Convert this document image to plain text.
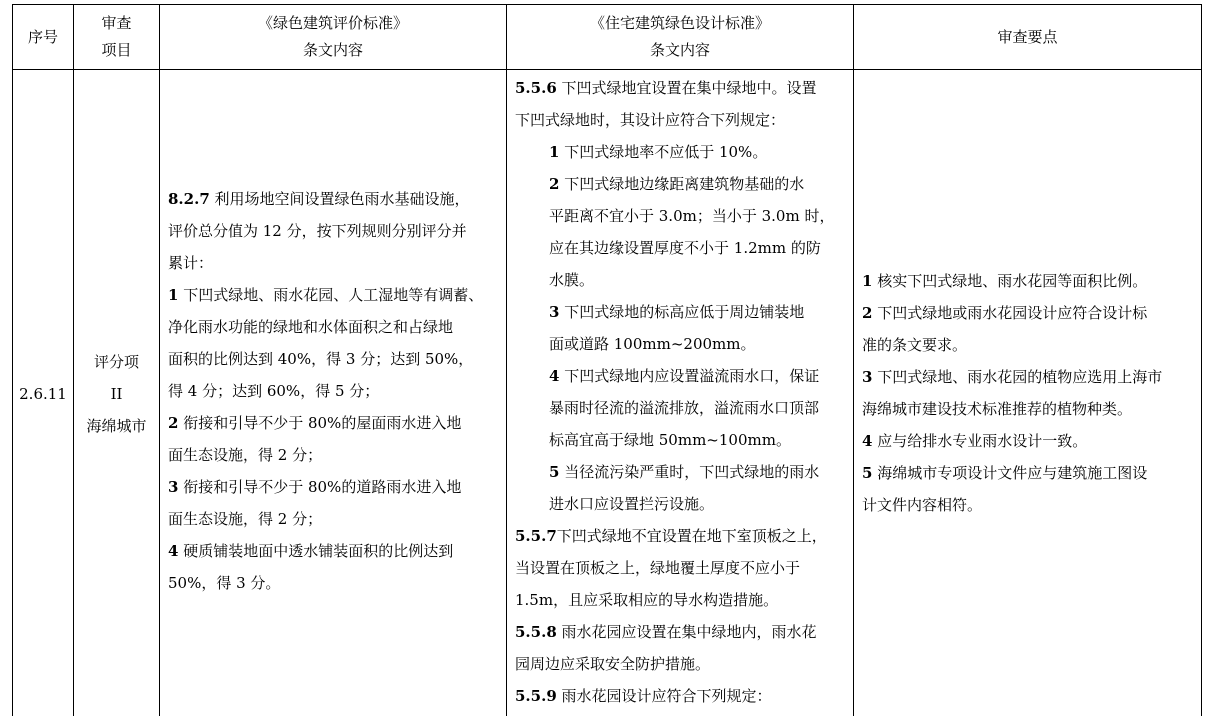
序号
审查
项目
《绿色建筑评价标准》
条文内容
《住宅建筑绿色设计标准》
条文内容
审查要点

2.6.11

评分项

II

海绵城市

8.2.7 利用场地空间设置绿色雨水基础设施，

评价总分值为 12 分，按下列规则分别评分并

累计：

1 下凹式绿地、雨水花园、人工湿地等有调蓄、

净化雨水功能的绿地和水体面积之和占绿地

面积的比例达到 40%，得 3 分；达到 50%，

得 4 分；达到 60%，得 5 分；

2 衔接和引导不少于 80%的屋面雨水进入地

面生态设施，得 2 分；

3 衔接和引导不少于 80%的道路雨水进入地

面生态设施，得 2 分；

4 硬质铺装地面中透水铺装面积的比例达到

50%，得 3 分。

5.5.6 下凹式绿地宜设置在集中绿地中。设置

下凹式绿地时，其设计应符合下列规定：

1 下凹式绿地率不应低于 10%。

2 下凹式绿地边缘距离建筑物基础的水

平距离不宜小于 3.0m；当小于 3.0m 时，

应在其边缘设置厚度不小于 1.2mm 的防

水膜。

3 下凹式绿地的标高应低于周边铺装地

面或道路 100mm~200mm。

4 下凹式绿地内应设置溢流雨水口，保证

暴雨时径流的溢流排放，溢流雨水口顶部

标高宜高于绿地 50mm~100mm。

5 当径流污染严重时，下凹式绿地的雨水

进水口应设置拦污设施。

5.5.7下凹式绿地不宜设置在地下室顶板之上，

当设置在顶板之上，绿地覆土厚度不应小于

1.5m，且应采取相应的导水构造措施。

5.5.8 雨水花园应设置在集中绿地内，雨水花

园周边应采取安全防护措施。

5.5.9 雨水花园设计应符合下列规定：

1 核实下凹式绿地、雨水花园等面积比例。

2 下凹式绿地或雨水花园设计应符合设计标

准的条文要求。

3 下凹式绿地、雨水花园的植物应选用上海市

海绵城市建设技术标准推荐的植物种类。

4 应与给排水专业雨水设计一致。

5 海绵城市专项设计文件应与建筑施工图设

计文件内容相符。
